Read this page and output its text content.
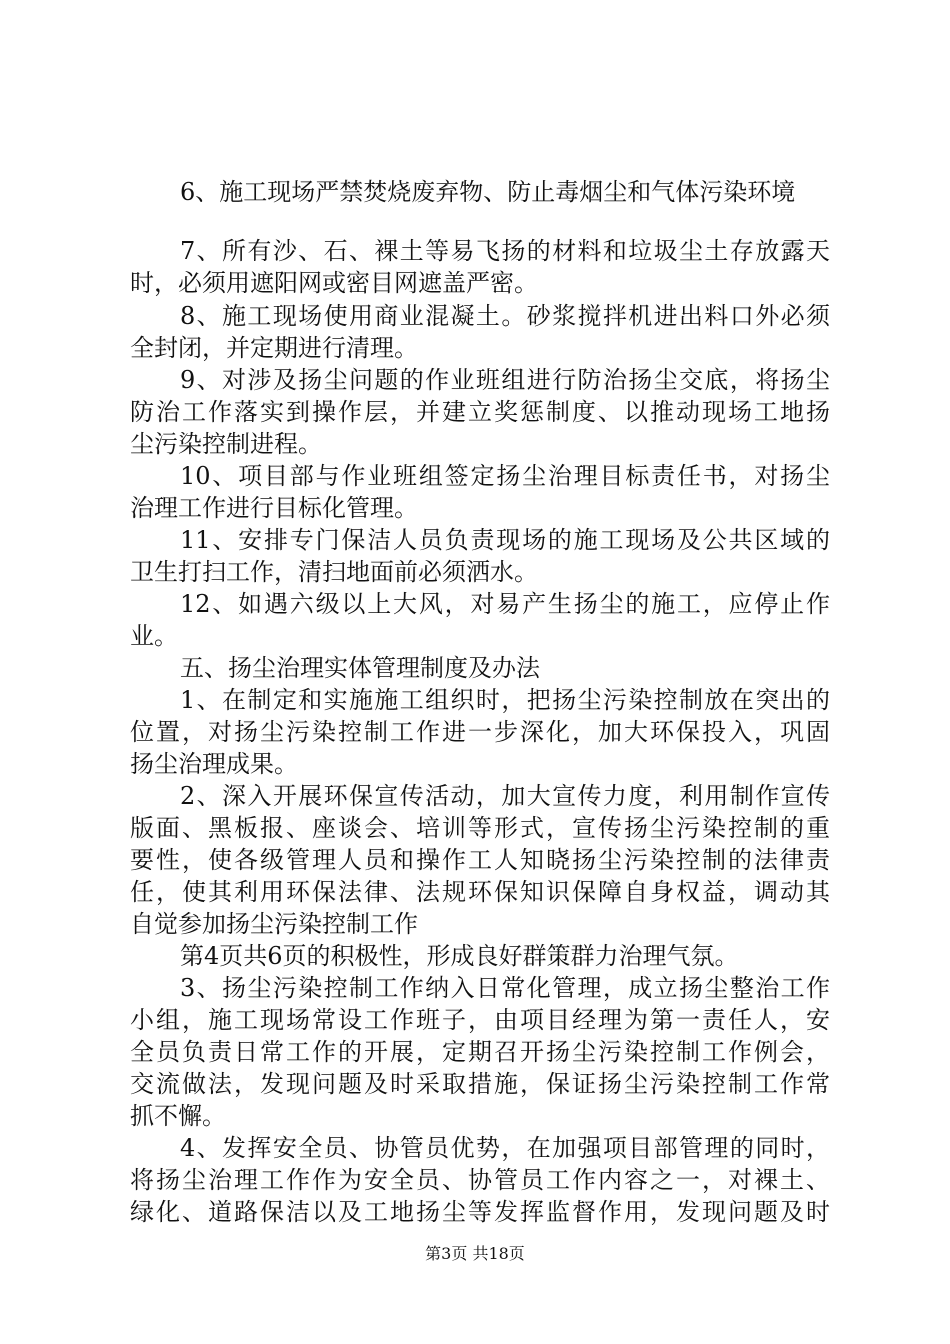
6、施工现场严禁焚烧废弃物、防止毒烟尘和气体污染环境
7、所有沙、石、裸土等易飞扬的材料和垃圾尘土存放露天
时，必须用遮阳网或密目网遮盖严密。
8、施工现场使用商业混凝土。砂浆搅拌机进出料口外必须
全封闭，并定期进行清理。
9、对涉及扬尘问题的作业班组进行防治扬尘交底，将扬尘
防治工作落实到操作层，并建立奖惩制度、以推动现场工地扬
尘污染控制进程。
10、项目部与作业班组签定扬尘治理目标责任书，对扬尘
治理工作进行目标化管理。
11、安排专门保洁人员负责现场的施工现场及公共区域的
卫生打扫工作，清扫地面前必须洒水。
12、如遇六级以上大风，对易产生扬尘的施工，应停止作
业。
五、扬尘治理实体管理制度及办法
1、在制定和实施施工组织时，把扬尘污染控制放在突出的
位置，对扬尘污染控制工作进一步深化，加大环保投入，巩固
扬尘治理成果。
2、深入开展环保宣传活动，加大宣传力度，利用制作宣传
版面、黑板报、座谈会、培训等形式，宣传扬尘污染控制的重
要性，使各级管理人员和操作工人知晓扬尘污染控制的法律责
任，使其利用环保法律、法规环保知识保障自身权益，调动其
自觉参加扬尘污染控制工作
第4页共6页的积极性，形成良好群策群力治理气氛。
3、扬尘污染控制工作纳入日常化管理，成立扬尘整治工作
小组，施工现场常设工作班子，由项目经理为第一责任人，安
全员负责日常工作的开展，定期召开扬尘污染控制工作例会，
交流做法，发现问题及时采取措施，保证扬尘污染控制工作常
抓不懈。
4、发挥安全员、协管员优势，在加强项目部管理的同时，
将扬尘治理工作作为安全员、协管员工作内容之一，对裸土、
绿化、道路保洁以及工地扬尘等发挥监督作用，发现问题及时
第3页 共18页
